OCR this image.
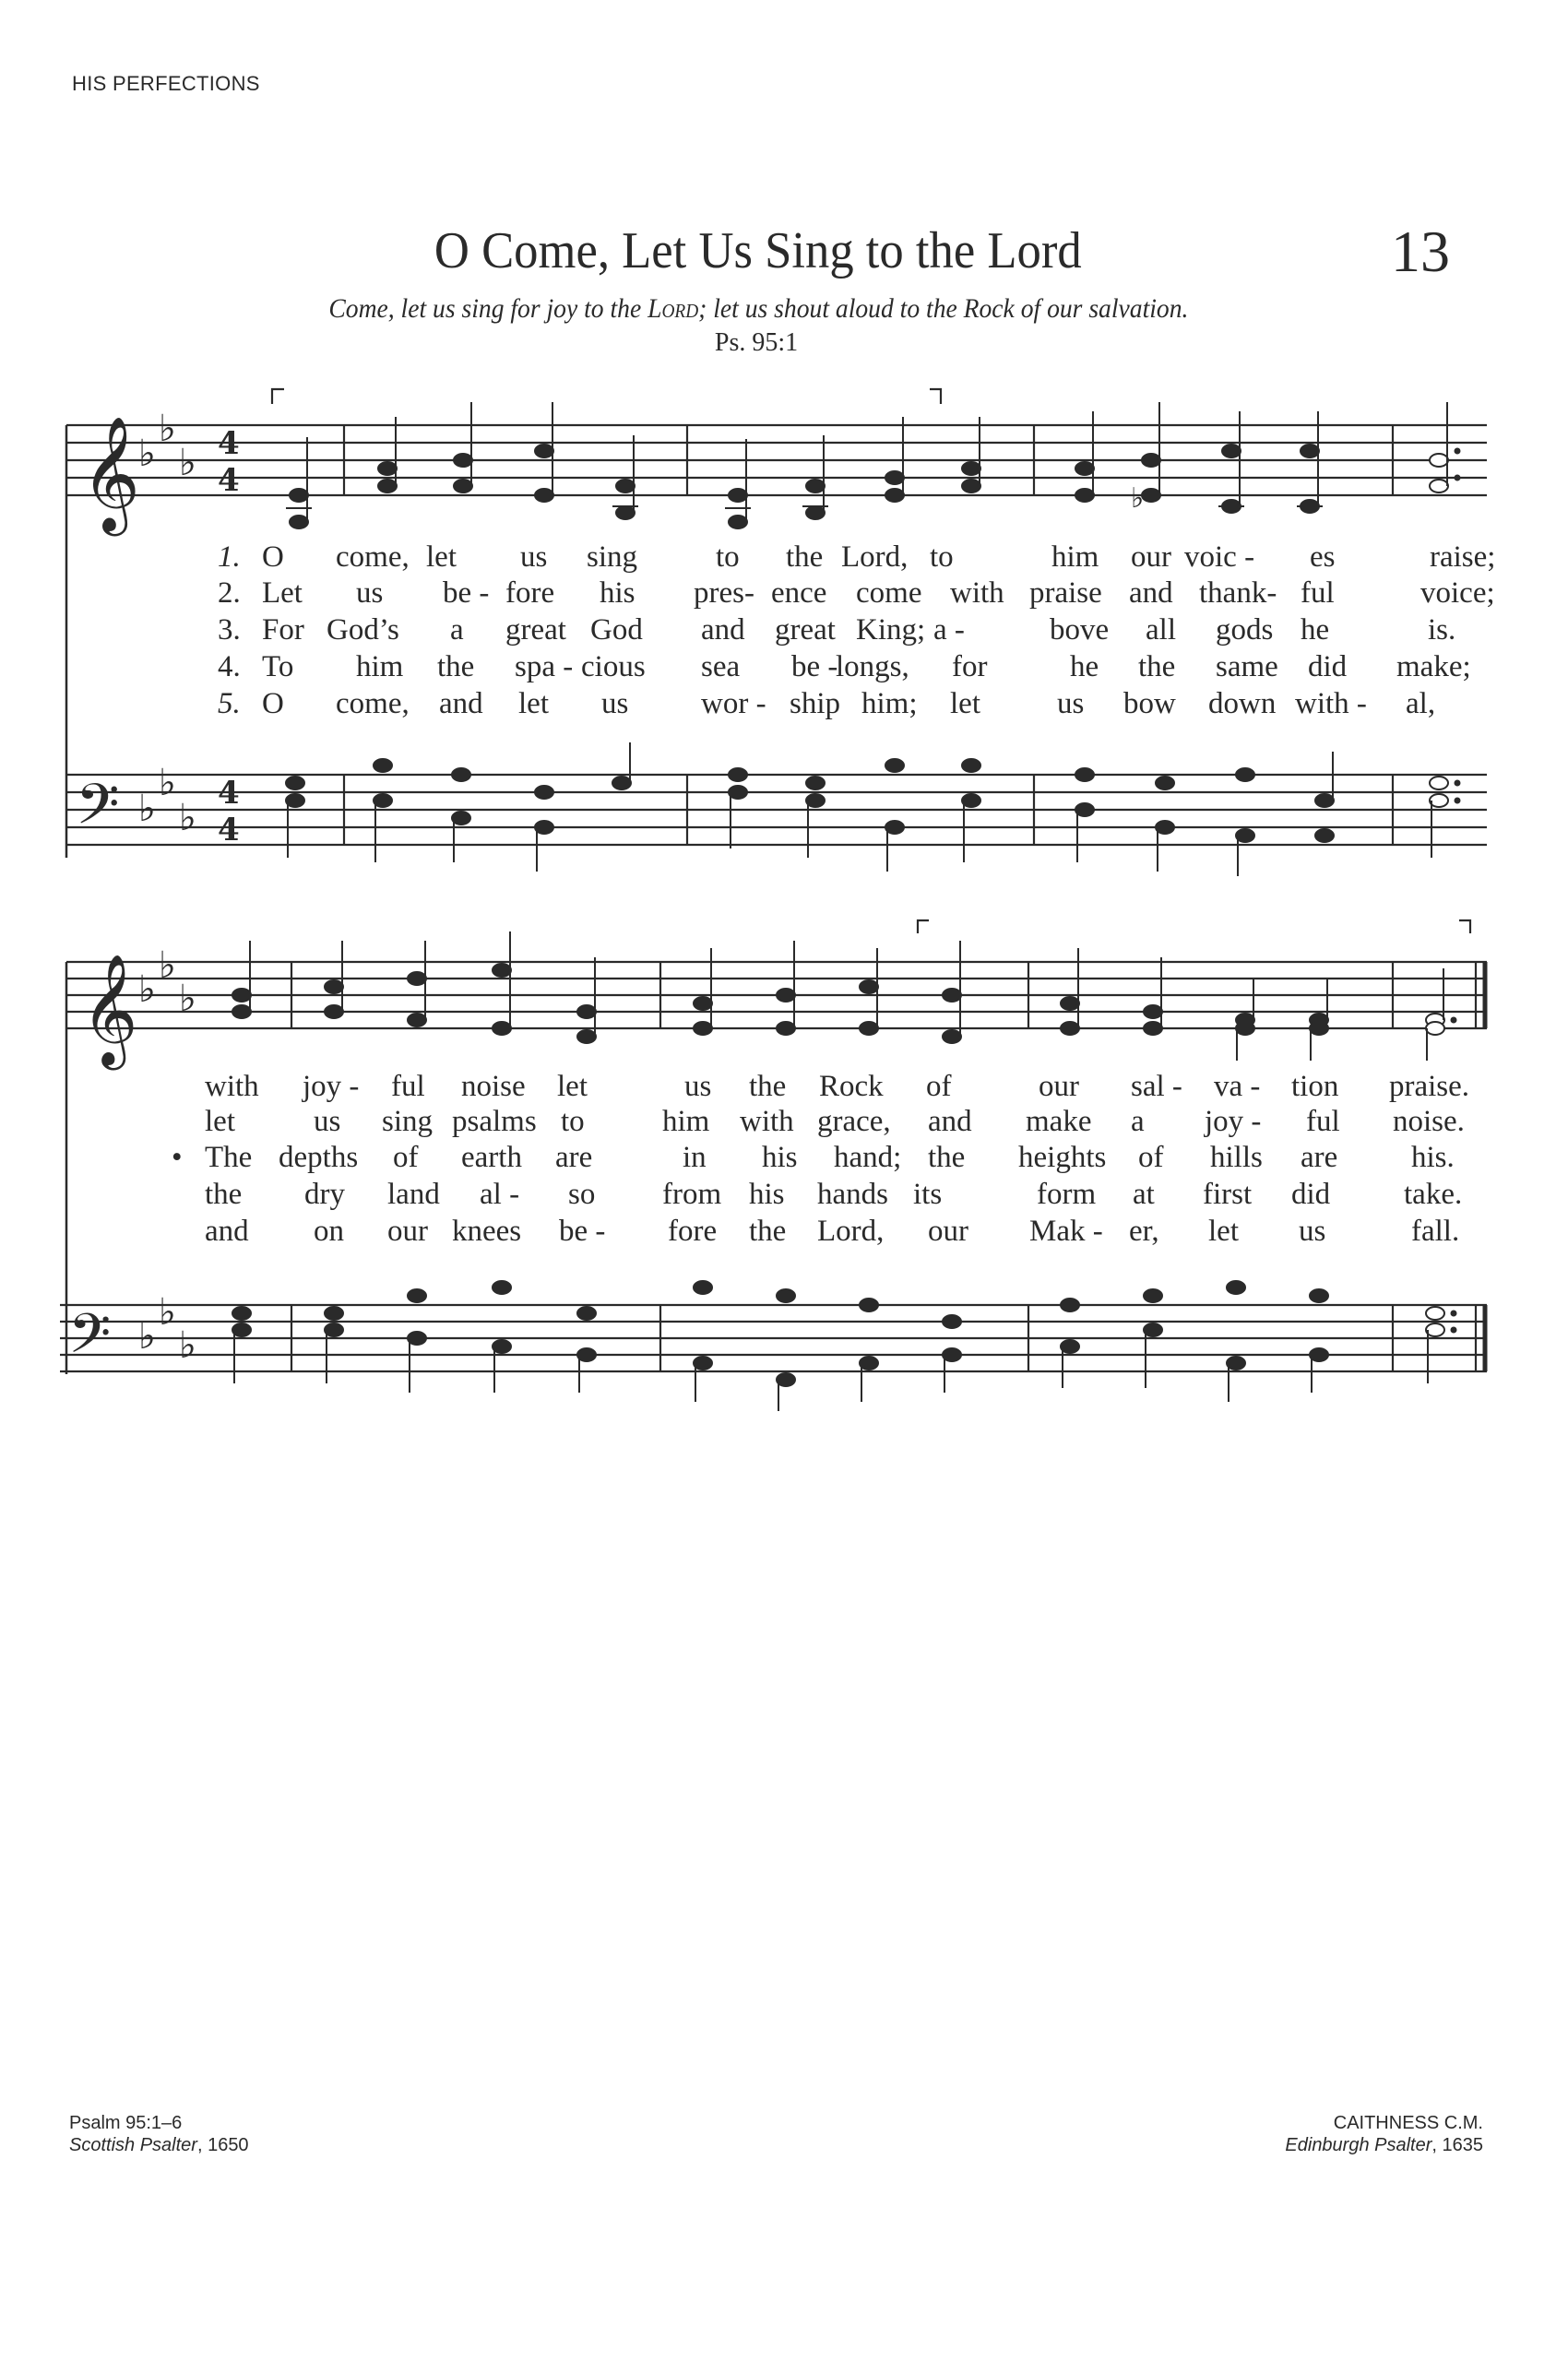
HIS PERFECTIONS
O Come, Let Us Sing to the Lord	13
Come, let us sing for joy to the Lord; let us shout aloud to the Rock of our salvation.
Ps. 95:1
𝄞
♭
♭
♭ 4
4	♭
1. O come, let us sing	to the Lord, to	him our voic - es	raise;
2. Let us be - fore his pres- ence come with praise and thank- ful	voice;
3. For God’s a great God and great King; a -	bove all gods he	is.
4. To him the spa - cious sea be -
longs, for	he the same did make;
5. O come, and let us wor - ship him; let	us bow down with - al,
𝄢 ♭
♭
♭
4
4
𝄞 ♭
♭
♭
with joy - ful noise let	us the Rock of	our sal - va - tion praise.
let	us sing psalms to	him with grace, and make a joy - ful noise.
• The depths of earth are	in his hand; the heights of hills are his.
the dry land al - so from his hands its	form at first did take.
and on our knees be - fore the Lord, our Mak - er, let us	fall.
𝄢 ♭
♭
♭
Psalm 95:1–6
Scottish Psalter, 1650
CAITHNESS C.M.
Edinburgh Psalter, 1635
